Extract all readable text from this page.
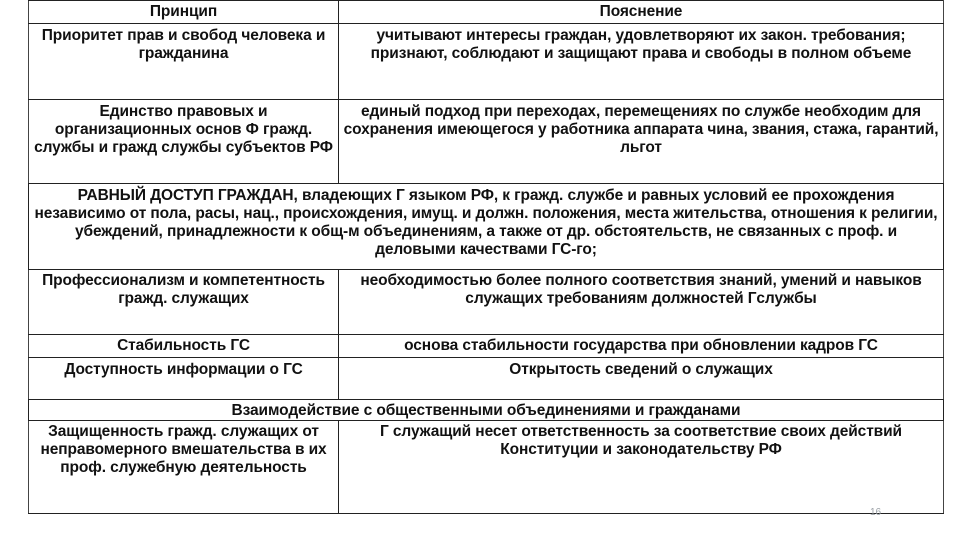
Принцип	Пояснение
Приоритет прав и свобод человека и гражданина	учитывают интересы граждан, удовлетворяют их закон. требования; признают, соблюдают и защищают права и свободы в полном объеме
Единство правовых и организационных основ Ф гражд. службы и гражд службы субъектов РФ	единый подход при переходах, перемещениях по службе необходим для сохранения имеющегося у работника аппарата чина, звания, стажа, гарантий, льгот
РАВНЫЙ ДОСТУП ГРАЖДАН, владеющих Г языком РФ, к гражд. службе и равных условий ее прохождения независимо от пола, расы, нац., происхождения, имущ. и должн. положения, места жительства, отношения к религии, убеждений, принадлежности к общ-м объединениям, а также от др. обстоятельств, не связанных с проф. и деловыми качествами ГС-го;	
Профессионализм и компетентность гражд. служащих	необходимостью более полного соответствия знаний, умений и навыков служащих требованиям должностей Гслужбы
Стабильность ГС	основа стабильности государства при обновлении кадров ГС
Доступность информации о ГС	Открытость сведений о служащих
Взаимодействие с общественными объединениями и гражданами	
Защищенность гражд. служащих от неправомерного вмешательства в их проф. служебную деятельность	Г служащий несет ответственность за соответствие своих действий Конституции и законодательству РФ
16
